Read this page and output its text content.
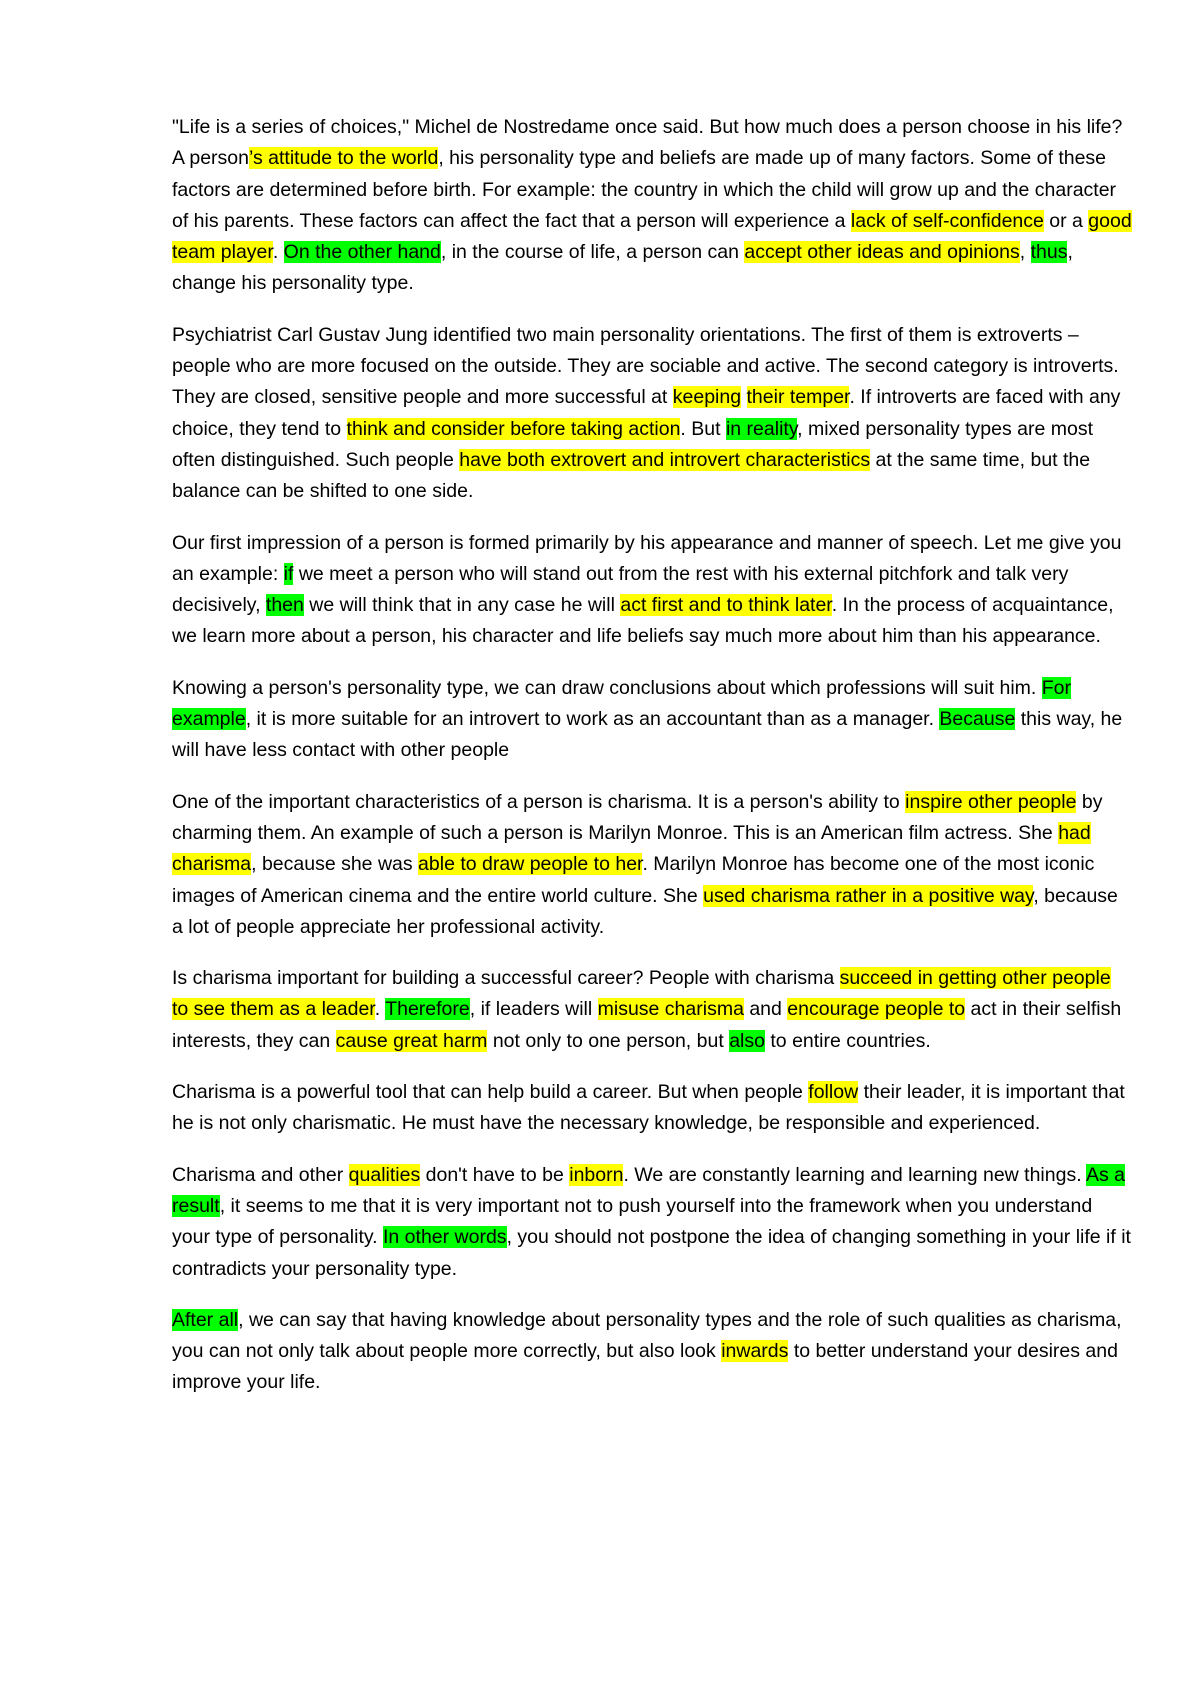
"Life is a series of choices," Michel de Nostredame once said. But how much does a person choose in his life? A person’s attitude to the world, his personality type and beliefs are made up of many factors. Some of these factors are determined before birth. For example: the country in which the child will grow up and the character of his parents. These factors can affect the fact that a person will experience a lack of self-confidence or a good team player. On the other hand, in the course of life, a person can accept other ideas and opinions, thus, change his personality type.

Psychiatrist Carl Gustav Jung identified two main personality orientations. The first of them is extroverts – people who are more focused on the outside. They are sociable and active. The second category is introverts. They are closed, sensitive people and more successful at keeping their temper. If introverts are faced with any choice, they tend to think and consider before taking action. But in reality, mixed personality types are most often distinguished. Such people have both extrovert and introvert characteristics at the same time, but the balance can be shifted to one side.

Our first impression of a person is formed primarily by his appearance and manner of speech. Let me give you an example: if we meet a person who will stand out from the rest with his external pitchfork and talk very decisively, then we will think that in any case he will act first and to think later. In the process of acquaintance, we learn more about a person, his character and life beliefs say much more about him than his appearance.

Knowing a person's personality type, we can draw conclusions about which professions will suit him. For example, it is more suitable for an introvert to work as an accountant than as a manager. Because this way, he will have less contact with other people

One of the important characteristics of a person is charisma. It is a person's ability to inspire other people by charming them. An example of such a person is Marilyn Monroe. This is an American film actress. She had charisma, because she was able to draw people to her. Marilyn Monroe has become one of the most iconic images of American cinema and the entire world culture. She used charisma rather in a positive way, because a lot of people appreciate her professional activity.

Is charisma important for building a successful career? People with charisma succeed in getting other people to see them as a leader. Therefore, if leaders will misuse charisma and encourage people to act in their selfish interests, they can cause great harm not only to one person, but also to entire countries.

Charisma is a powerful tool that can help build a career. But when people follow their leader, it is important that he is not only charismatic. He must have the necessary knowledge, be responsible and experienced.

Charisma and other qualities don't have to be inborn. We are constantly learning and learning new things. As a result, it seems to me that it is very important not to push yourself into the framework when you understand your type of personality. In other words, you should not postpone the idea of changing something in your life if it contradicts your personality type.

After all, we can say that having knowledge about personality types and the role of such qualities as charisma, you can not only talk about people more correctly, but also look inwards to better understand your desires and improve your life.
